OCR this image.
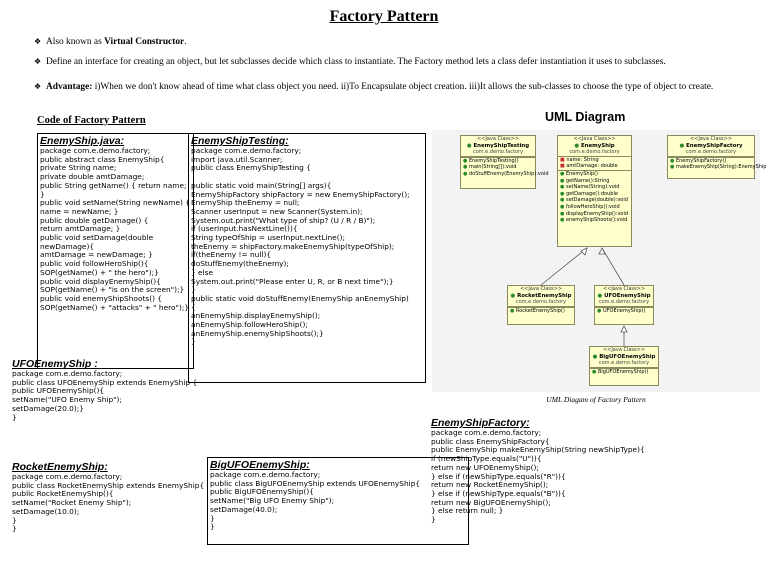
Factory Pattern
❖ Also known as Virtual Constructor.
❖ Define an interface for creating an object, but let subclasses decide which class to instantiate. The Factory method lets a class defer instantiation it uses to subclasses.
❖ Advantage: i)When we don't know ahead of time what class object you need. ii)To Encapsulate object creation. iii)It allows the sub-classes to choose the type of object to create.
Code of Factory Pattern	UML Diagram
<<Java Class>>
● EnemyShipTesting
com.e.demo.factory
● EnemyShipTesting()
● main(String[]):void
● doStuffEnemy(EnemyShip):void
<<Java Class>>
● EnemyShip
com.e.demo.factory
■ name: String
■ amtDamage: double
● EnemyShip()
● getName():String
● setName(String):void
● getDamage():double
● setDamage(double):void
● followHeroShip():void
● displayEnemyShip():void
● enemyShipShoots():void
<<Java Class>>
● EnemyShipFactory
com.e.demo.factory
● EnemyShipFactory()
● makeEnemyShip(String):EnemyShip
<<Java Class>>
● RocketEnemyShip
com.e.demo.factory
● RocketEnemyShip()
<<Java Class>>
● UFOEnemyShip
com.e.demo.factory
● UFOEnemyShip()
<<Java Class>>
● BigUFOEnemyShip
com.e.demo.factory
● BigUFOEnemyShip()
UML Diagam of Factory Pattern
EnemyShip.java:
package com.e.demo.factory;
public abstract class EnemyShip{
private String name;
private double amtDamage;
public String getName() { return name; }
public void setName(String newName) {
name = newName; }
public double getDamage() {
return amtDamage; }
public void setDamage(double newDamage){
amtDamage = newDamage; }
public void followHeroShip(){
SOP(getName() + " the hero");}
public void displayEnemyShip(){
SOP(getName() + "is on the screen");}
public void enemyShipShoots() {
SOP(getName() + "attacks" + " hero");}
EnemyShipTesting:
package com.e.demo.factory;
import java.util.Scanner;
public class EnemyShipTesting {

public static void main(String[] args){
EnemyShipFactory shipFactory = new EnemyShipFactory();
EnemyShip theEnemy = null;
Scanner userInput = new Scanner(System.in);
System.out.print("What type of ship? (U / R / B)");
if (userInput.hasNextLine()){
String typeOfShip = userInput.nextLine();
theEnemy = shipFactory.makeEnemyShip(typeOfShip);
if(theEnemy != null){
doStuffEnemy(theEnemy);
} else
System.out.print("Please enter U, R, or B next time");}
}
public static void doStuffEnemy(EnemyShip anEnemyShip)
{
anEnemyShip.displayEnemyShip();
anEnemyShip.followHeroShip();
anEnemyShip.enemyShipShoots();}
}
UFOEnemyShip :
package com.e.demo.factory;
public class UFOEnemyShip extends EnemyShip {
public UFOEnemyShip(){
setName("UFO Enemy Ship");
setDamage(20.0);}
}
RocketEnemyShip:
package com.e.demo.factory;
public class RocketEnemyShip extends EnemyShip{
public RocketEnemyShip(){
setName("Rocket Enemy Ship");
setDamage(10.0);
}
}
BigUFOEnemyShip:
package com.e.demo.factory;
public class BigUFOEnemyShip extends UFOEnemyShip{
public BigUFOEnemyShip(){
setName("Big UFO Enemy Ship");
setDamage(40.0);
}
}
EnemyShipFactory:
package com.e.demo.factory;
public class EnemyShipFactory{
public EnemyShip makeEnemyShip(String newShipType){
if (newShipType.equals("U")){
return new UFOEnemyShip();
} else if (newShipType.equals("R")){
return new RocketEnemyShip();
} else if (newShipType.equals("B")){
return new BigUFOEnemyShip();
} else return null; }
}
